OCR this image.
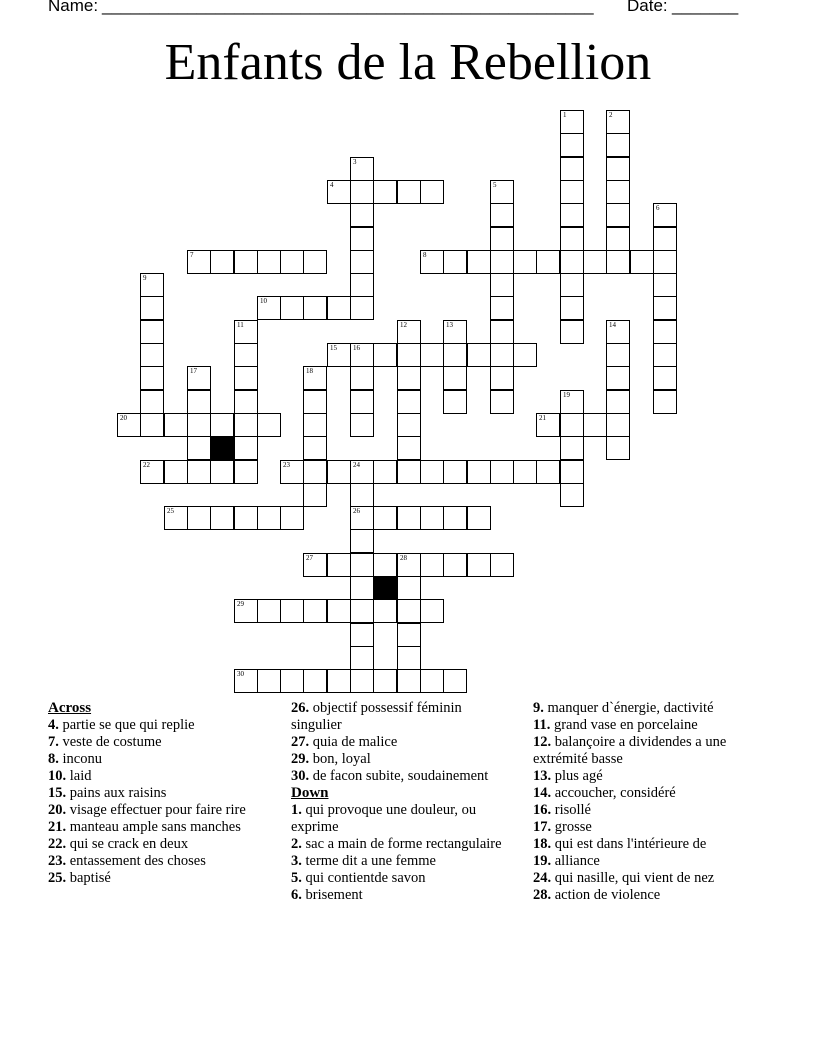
Name: ____________________________________________________ Date: _______
Enfants de la Rebellion
1	2
3
4	5
6
7	8
9
10
11	12	13	14
15 16
17	18
19
20	21
22	23	24
26
25
27	28
29
30
Across
4. partie se que qui replie
7. veste de costume
8. inconu
10. laid
15. pains aux raisins
20. visage effectuer pour faire rire
21. manteau ample sans manches
22. qui se crack en deux
23. entassement des choses
25. baptisé
26. objectif possessif féminin singulier
27. quia de malice
29. bon, loyal
30. de facon subite, soudainement
Down
1. qui provoque une douleur, ou exprime
2. sac a main de forme rectangulaire
3. terme dit a une femme
5. qui contientde savon
6. brisement
9. manquer d`énergie, dactivité
11. grand vase en porcelaine
12. balançoire a dividendes a une extrémité basse
13. plus agé
14. accoucher, considéré
16. risollé
17. grosse
18. qui est dans l'intérieure de
19. alliance
24. qui nasille, qui vient de nez
28. action de violence
